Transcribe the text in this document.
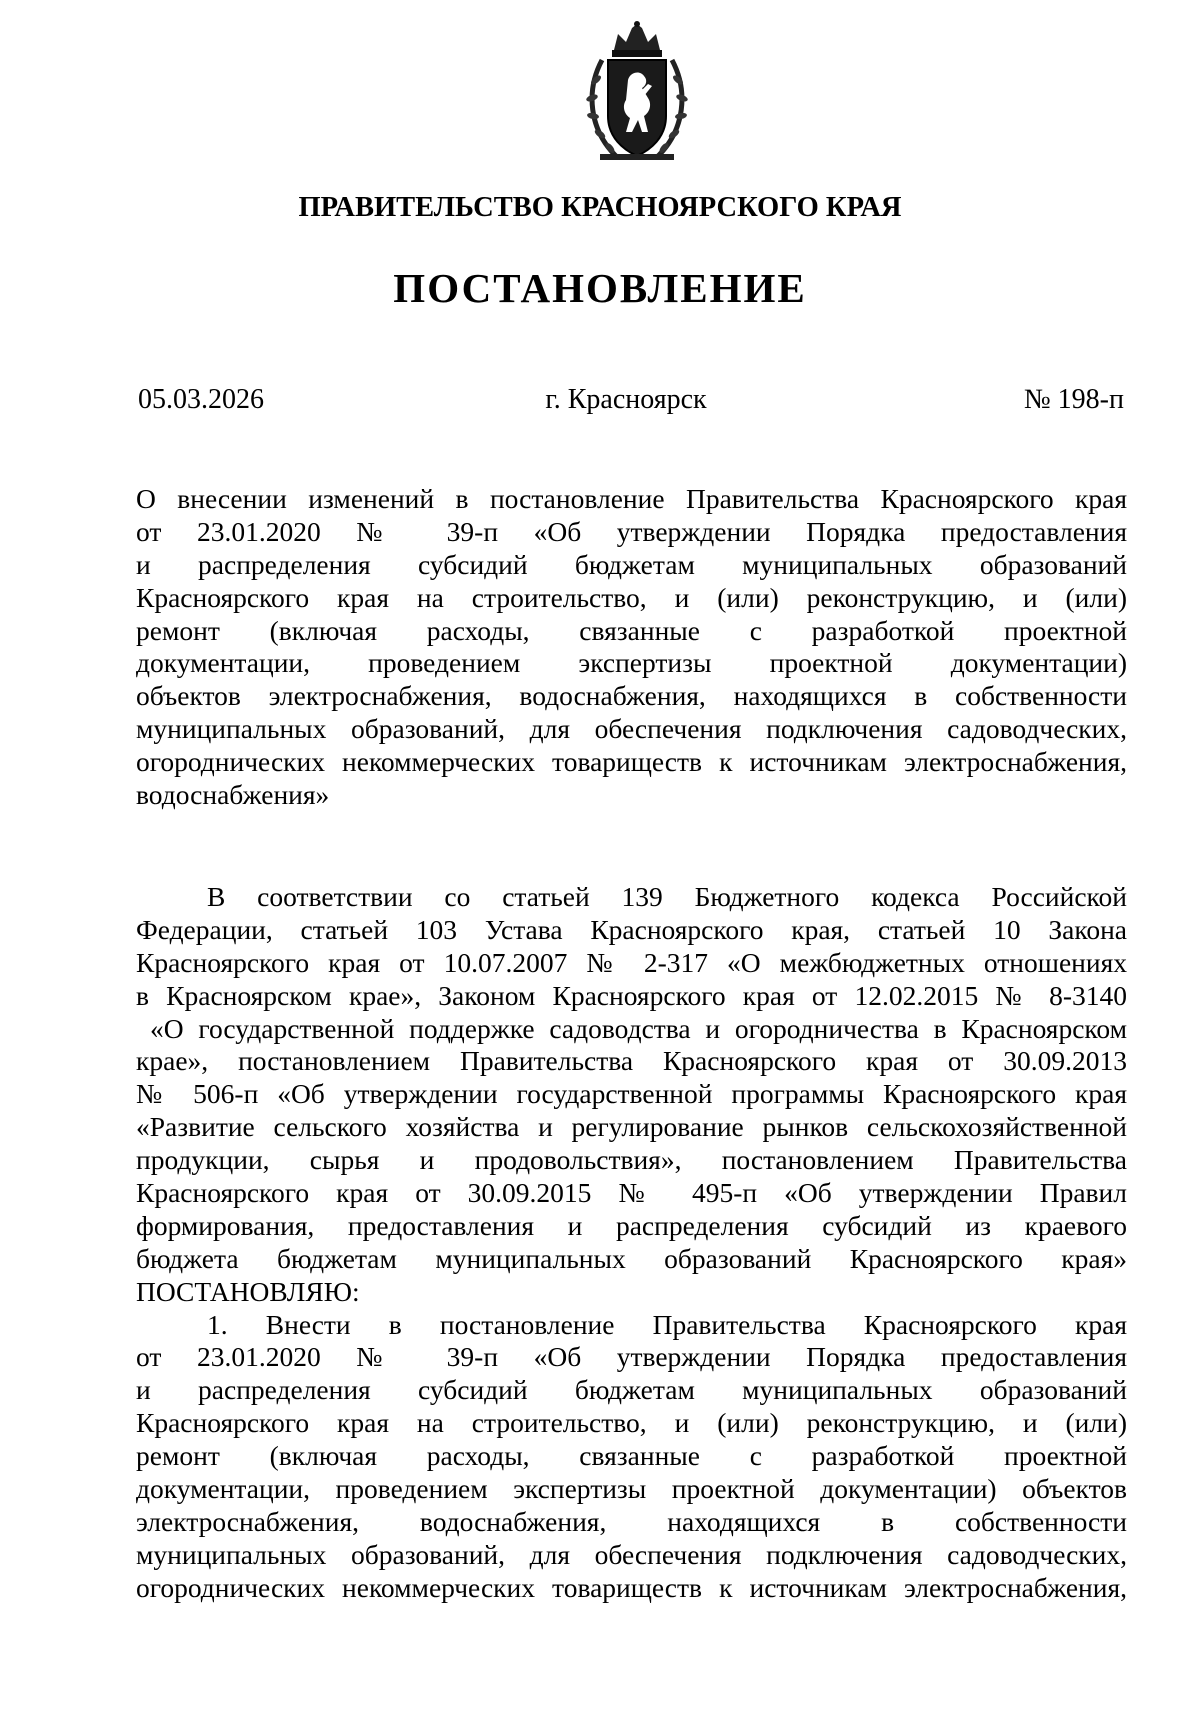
ПРАВИТЕЛЬСТВО КРАСНОЯРСКОГО КРАЯ
ПОСТАНОВЛЕНИЕ
05.03.2026	г. Красноярск	№ 198-п
О внесении изменений в постановление Правительства Красноярского края
от 23.01.2020 № 39-п «Об утверждении Порядка предоставления
и распределения субсидий бюджетам муниципальных образований
Красноярского края на строительство, и (или) реконструкцию, и (или)
ремонт (включая расходы, связанные с разработкой проектной
документации, проведением экспертизы проектной документации)
объектов электроснабжения, водоснабжения, находящихся в собственности
муниципальных образований, для обеспечения подключения садоводческих,
огороднических некоммерческих товариществ к источникам электроснабжения,
водоснабжения»
В соответствии со статьей 139 Бюджетного кодекса Российской
Федерации, статьей 103 Устава Красноярского края, статьей 10 Закона
Красноярского края от 10.07.2007 № 2-317 «О межбюджетных отношениях
в Красноярском крае», Законом Красноярского края от 12.02.2015 № 8-3140
«О государственной поддержке садоводства и огородничества в Красноярском
крае», постановлением Правительства Красноярского края от 30.09.2013
№ 506-п «Об утверждении государственной программы Красноярского края
«Развитие сельского хозяйства и регулирование рынков сельскохозяйственной
продукции, сырья и продовольствия», постановлением Правительства
Красноярского края от 30.09.2015 № 495-п «Об утверждении Правил
формирования, предоставления и распределения субсидий из краевого
бюджета бюджетам муниципальных образований Красноярского края»
ПОСТАНОВЛЯЮ:
1. Внести в постановление Правительства Красноярского края
от 23.01.2020 № 39-п «Об утверждении Порядка предоставления
и распределения субсидий бюджетам муниципальных образований
Красноярского края на строительство, и (или) реконструкцию, и (или)
ремонт (включая расходы, связанные с разработкой проектной
документации, проведением экспертизы проектной документации) объектов
электроснабжения, водоснабжения, находящихся в собственности
муниципальных образований, для обеспечения подключения садоводческих,
огороднических некоммерческих товариществ к источникам электроснабжения,
